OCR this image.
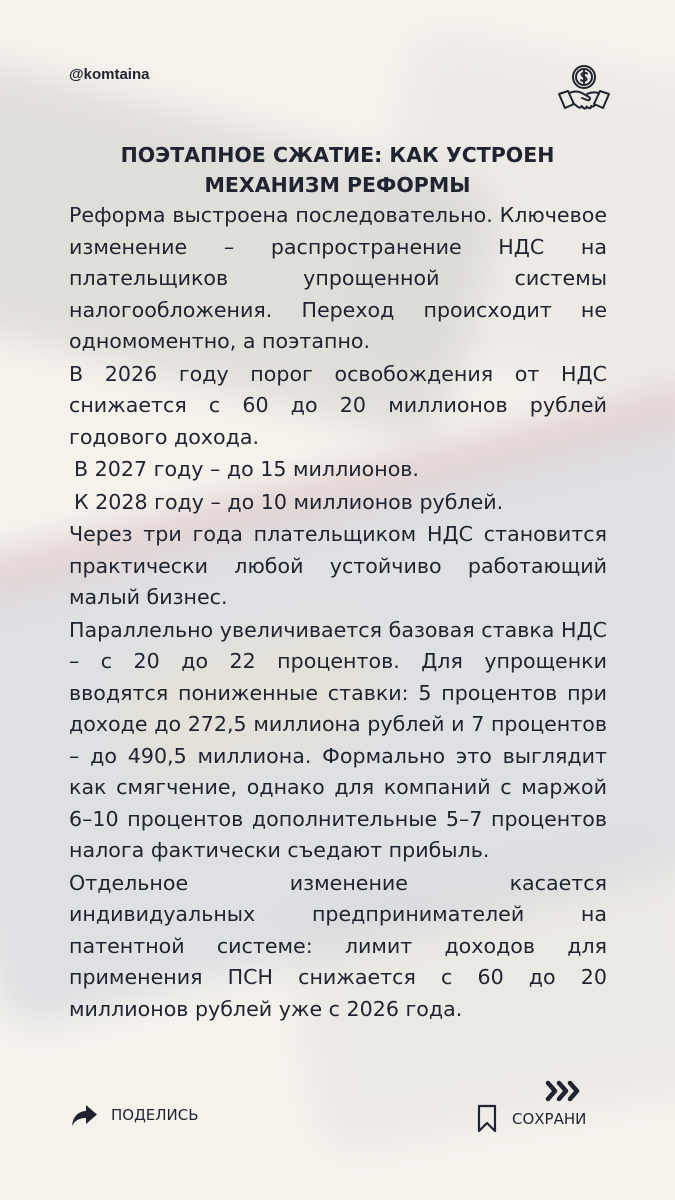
@komtaina
ПОЭТАПНОЕ СЖАТИЕ: КАК УСТРОЕН
МЕХАНИЗМ РЕФОРМЫ

Реформа выстроена последовательно. Ключевое изменение – распространение НДС на плательщиков упрощенной системы налогообложения. Переход происходит не одномоментно, а поэтапно.

В 2026 году порог освобождения от НДС снижается с 60 до 20 миллионов рублей годового дохода.

В 2027 году – до 15 миллионов.

К 2028 году – до 10 миллионов рублей.

Через три года плательщиком НДС становится практически любой устойчиво работающий малый бизнес.

Параллельно увеличивается базовая ставка НДС – с 20 до 22 процентов. Для упрощенки вводятся пониженные ставки: 5 процентов при доходе до 272,5 миллиона рублей и 7 процентов – до 490,5 миллиона. Формально это выглядит как смягчение, однако для компаний с маржой 6–10 процентов дополнительные 5–7 процентов налога фактически съедают прибыль.

Отдельное изменение касается индивидуальных предпринимателей на патентной системе: лимит доходов для применения ПСН снижается с 60 до 20 миллионов рублей уже с 2026 года.

ПОДЕЛИСЬ	СОХРАНИ
